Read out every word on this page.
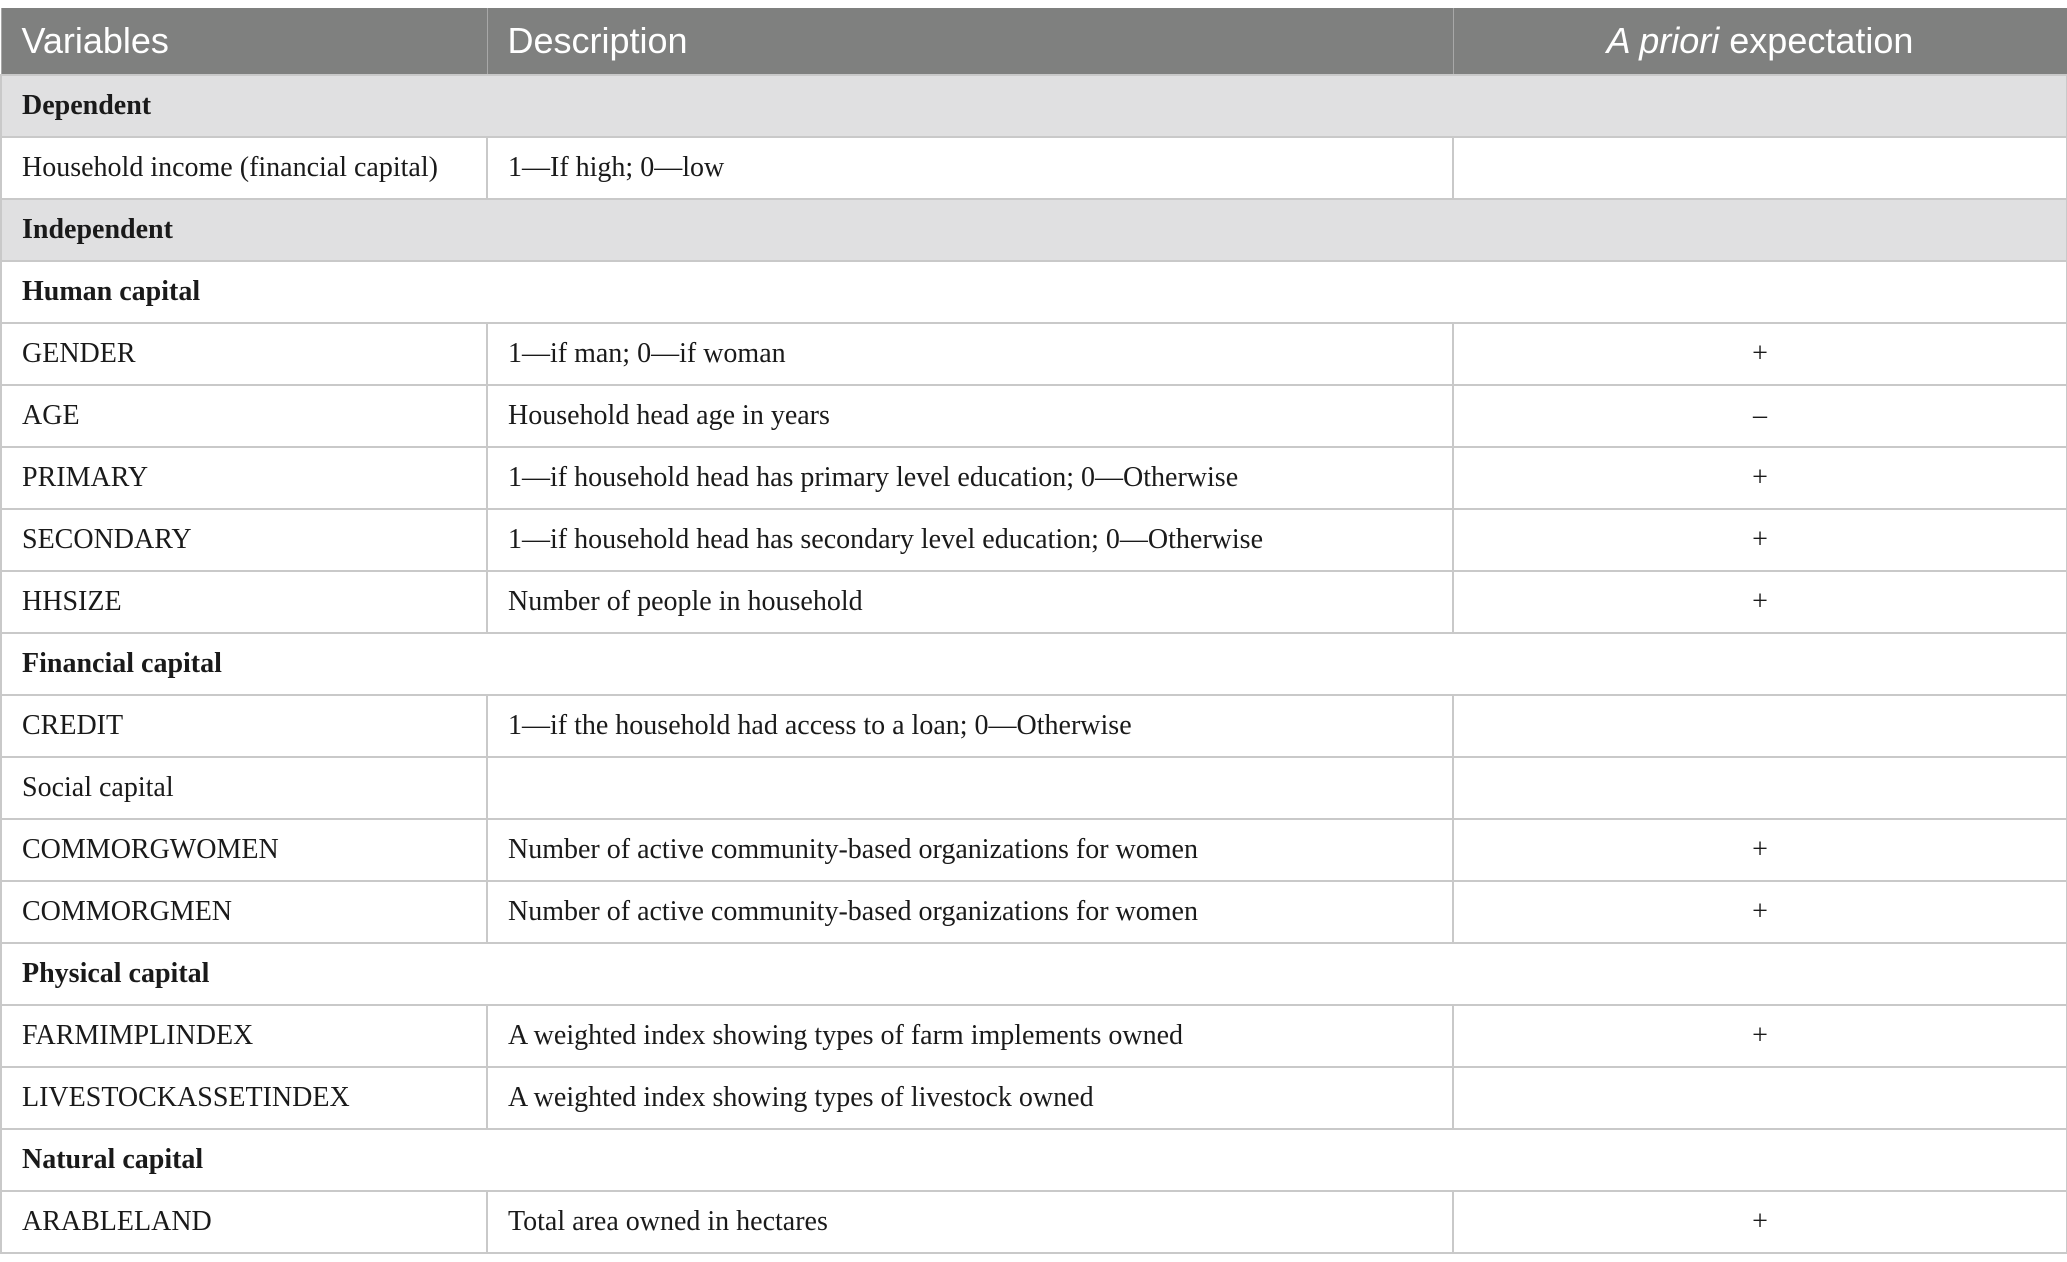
Variables	Description	A priori expectation
Dependent		
Household income (financial capital)	1—If high; 0—low	
Independent		
Human capital		
GENDER	1—if man; 0—if woman	+
AGE	Household head age in years	–
PRIMARY	1—if household head has primary level education; 0—Otherwise	+
SECONDARY	1—if household head has secondary level education; 0—Otherwise	+
HHSIZE	Number of people in household	+
Financial capital		
CREDIT	1—if the household had access to a loan; 0—Otherwise	
Social capital		
COMMORGWOMEN	Number of active community-based organizations for women	+
COMMORGMEN	Number of active community-based organizations for women	+
Physical capital		
FARMIMPLINDEX	A weighted index showing types of farm implements owned	+
LIVESTOCKASSETINDEX	A weighted index showing types of livestock owned	
Natural capital		
ARABLELAND	Total area owned in hectares	+
